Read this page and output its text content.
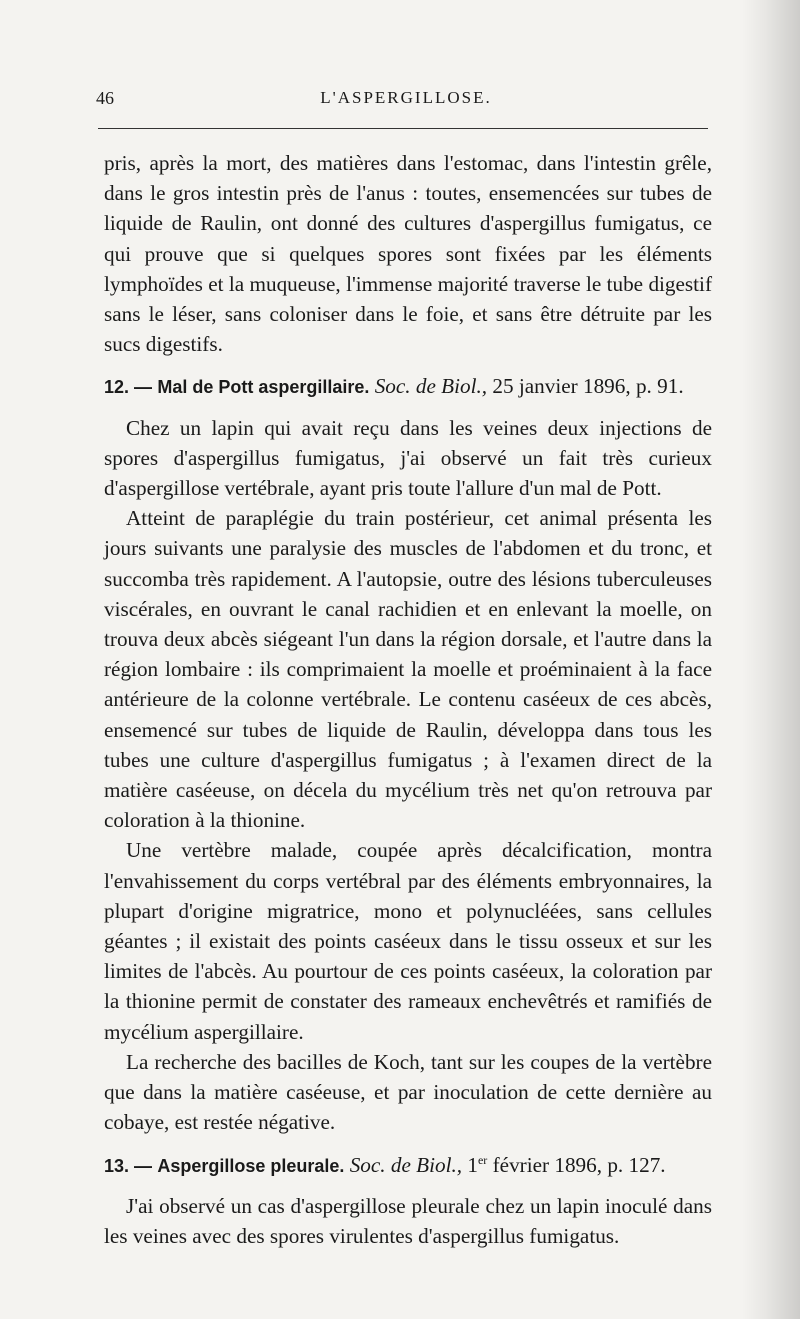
46	L'ASPERGILLOSE.

pris, après la mort, des matières dans l'estomac, dans l'intestin grêle, dans le gros intestin près de l'anus : toutes, ensemencées sur tubes de liquide de Raulin, ont donné des cultures d'aspergillus fumigatus, ce qui prouve que si quelques spores sont fixées par les éléments lymphoïdes et la muqueuse, l'immense majorité traverse le tube digestif sans le léser, sans coloniser dans le foie, et sans être détruite par les sucs digestifs.

12. — Mal de Pott aspergillaire. Soc. de Biol., 25 janvier 1896, p. 91.

Chez un lapin qui avait reçu dans les veines deux injections de spores d'aspergillus fumigatus, j'ai observé un fait très curieux d'aspergillose vertébrale, ayant pris toute l'allure d'un mal de Pott.

Atteint de paraplégie du train postérieur, cet animal présenta les jours suivants une paralysie des muscles de l'abdomen et du tronc, et succomba très rapidement. A l'autopsie, outre des lésions tuberculeuses viscérales, en ouvrant le canal rachidien et en enlevant la moelle, on trouva deux abcès siégeant l'un dans la région dorsale, et l'autre dans la région lombaire : ils comprimaient la moelle et proéminaient à la face antérieure de la colonne vertébrale. Le contenu caséeux de ces abcès, ensemencé sur tubes de liquide de Raulin, développa dans tous les tubes une culture d'aspergillus fumigatus ; à l'examen direct de la matière caséeuse, on décela du mycélium très net qu'on retrouva par coloration à la thionine.

Une vertèbre malade, coupée après décalcification, montra l'envahissement du corps vertébral par des éléments embryonnaires, la plupart d'origine migratrice, mono et polynucléées, sans cellules géantes ; il existait des points caséeux dans le tissu osseux et sur les limites de l'abcès. Au pourtour de ces points caséeux, la coloration par la thionine permit de constater des rameaux enchevêtrés et ramifiés de mycélium aspergillaire.

La recherche des bacilles de Koch, tant sur les coupes de la vertèbre que dans la matière caséeuse, et par inoculation de cette dernière au cobaye, est restée négative.

13. — Aspergillose pleurale. Soc. de Biol., 1er février 1896, p. 127.

J'ai observé un cas d'aspergillose pleurale chez un lapin inoculé dans les veines avec des spores virulentes d'aspergillus fumigatus.
